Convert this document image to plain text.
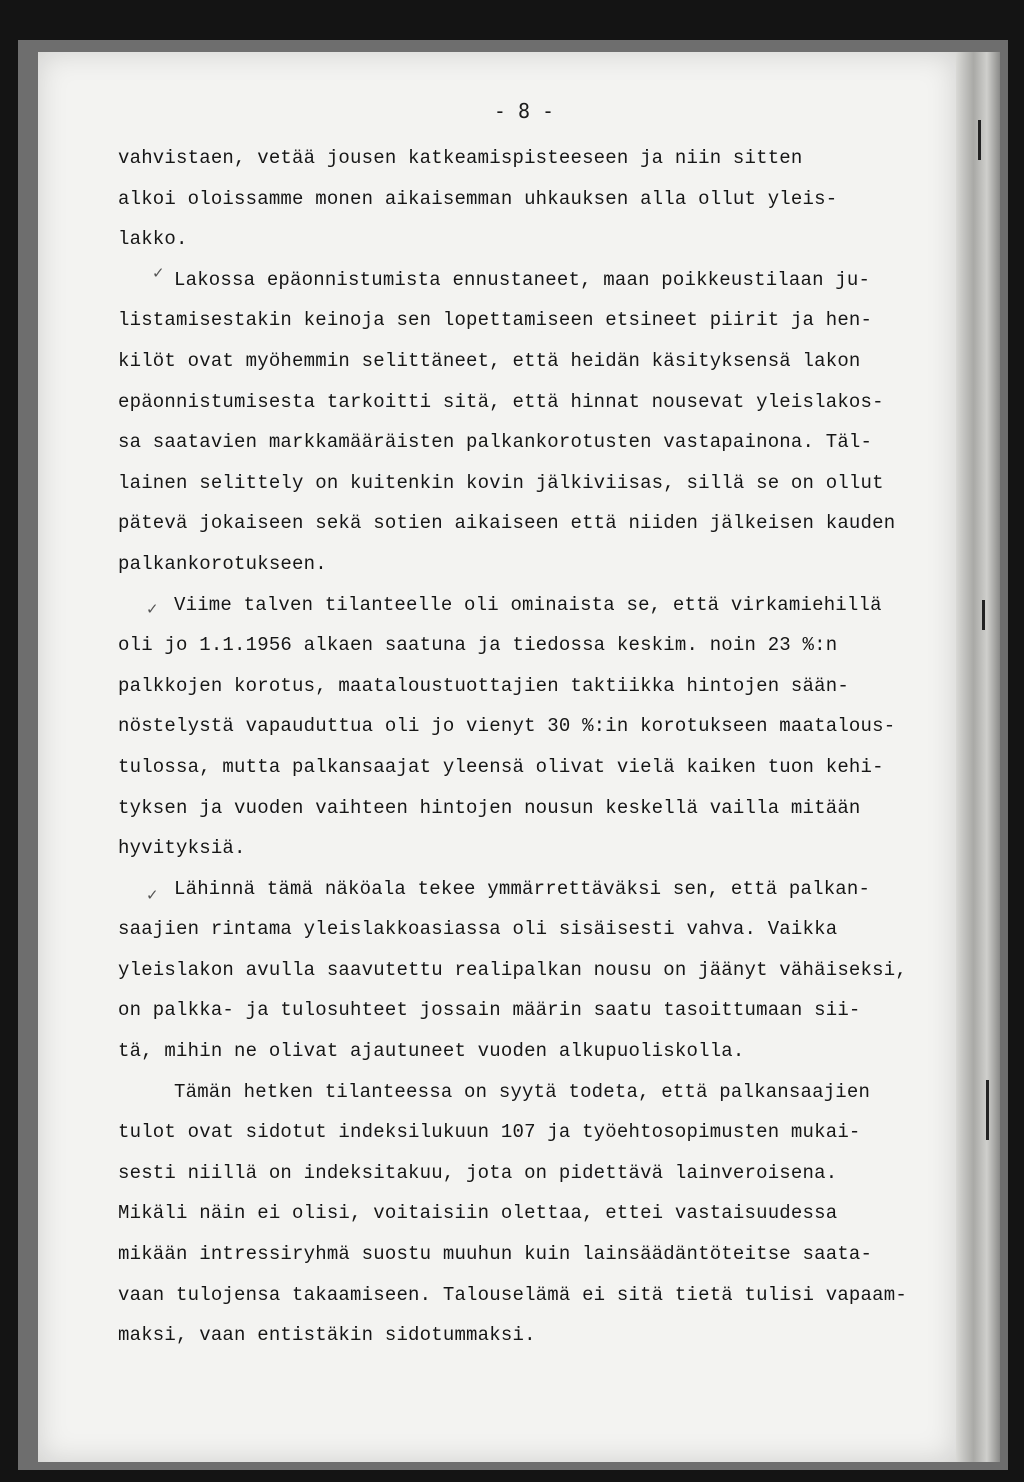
- 8 -
✓
✓
✓
vahvistaen, vetää jousen katkeamispisteeseen ja niin sitten
alkoi oloissamme monen aikaisemman uhkauksen alla ollut yleis-
lakko.
Lakossa epäonnistumista ennustaneet, maan poikkeustilaan ju-
listamisestakin keinoja sen lopettamiseen etsineet piirit ja hen-
kilöt ovat myöhemmin selittäneet, että heidän käsityksensä lakon
epäonnistumisesta tarkoitti sitä, että hinnat nousevat yleislakos-
sa saatavien markkamääräisten palkankorotusten vastapainona. Täl-
lainen selittely on kuitenkin kovin jälkiviisas, sillä se on ollut
pätevä jokaiseen sekä sotien aikaiseen että niiden jälkeisen kauden
palkankorotukseen.
Viime talven tilanteelle oli ominaista se, että virkamiehillä
oli jo 1.1.1956 alkaen saatuna ja tiedossa keskim. noin 23 %:n
palkkojen korotus, maataloustuottajien taktiikka hintojen sään-
nöstelystä vapauduttua oli jo vienyt 30 %:in korotukseen maatalous-
tulossa, mutta palkansaajat yleensä olivat vielä kaiken tuon kehi-
tyksen ja vuoden vaihteen hintojen nousun keskellä vailla mitään
hyvityksiä.
Lähinnä tämä näköala tekee ymmärrettäväksi sen, että palkan-
saajien rintama yleislakkoasiassa oli sisäisesti vahva. Vaikka
yleislakon avulla saavutettu realipalkan nousu on jäänyt vähäiseksi,
on palkka- ja tulosuhteet jossain määrin saatu tasoittumaan sii-
tä, mihin ne olivat ajautuneet vuoden alkupuoliskolla.
Tämän hetken tilanteessa on syytä todeta, että palkansaajien
tulot ovat sidotut indeksilukuun 107 ja työehtosopimusten mukai-
sesti niillä on indeksitakuu, jota on pidettävä lainveroisena.
Mikäli näin ei olisi, voitaisiin olettaa, ettei vastaisuudessa
mikään intressiryhmä suostu muuhun kuin lainsäädäntöteitse saata-
vaan tulojensa takaamiseen. Talouselämä ei sitä tietä tulisi vapaam-
maksi, vaan entistäkin sidotummaksi.
